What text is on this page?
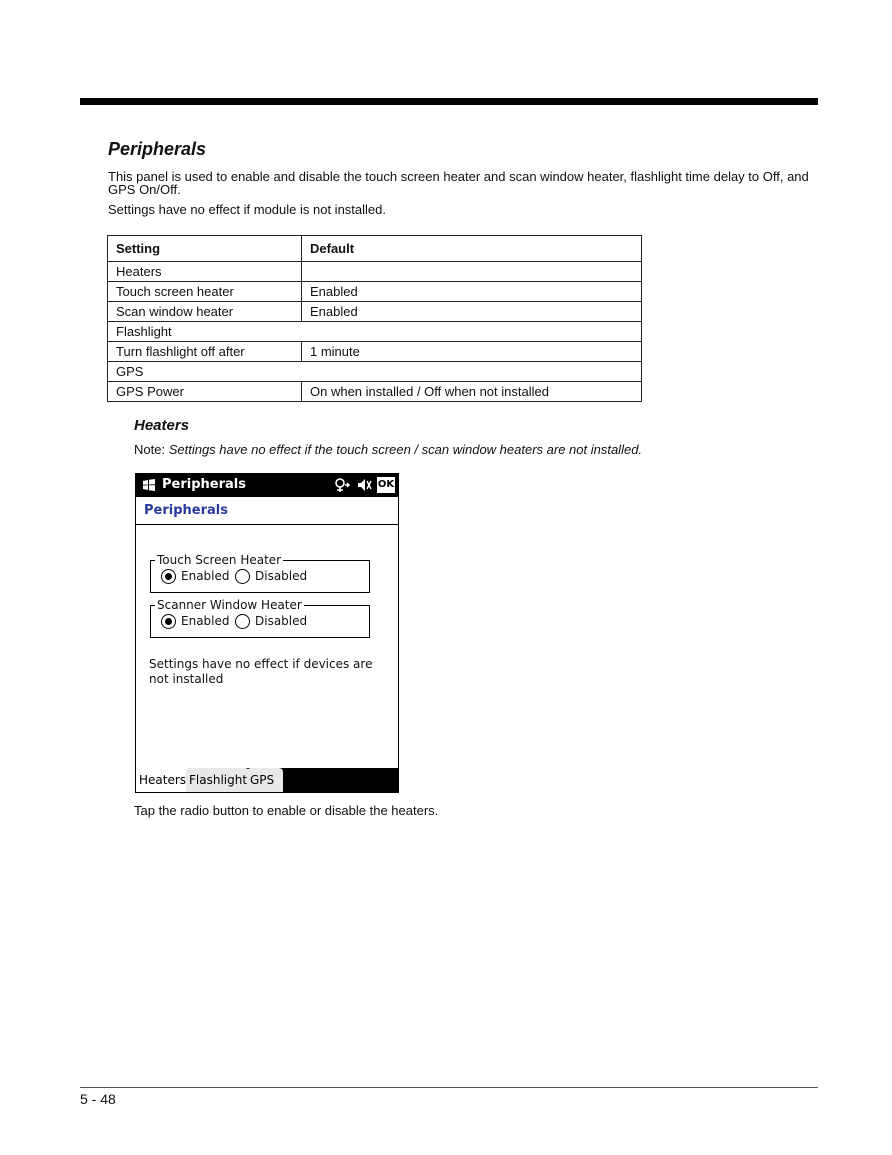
Peripherals

This panel is used to enable and disable the touch screen heater and scan window heater, flashlight time delay to Off, and GPS On/Off.

Settings have no effect if module is not installed.

Setting	Default
Heaters	
Touch screen heater	Enabled
Scan window heater	Enabled
Flashlight	
Turn flashlight off after	1 minute
GPS	
GPS Power	On when installed / Off when not installed
Heaters

Note: Settings have no effect if the touch screen / scan window heaters are not installed.

Peripherals	OK
Peripherals
Touch Screen Heater
Enabled Disabled
Scanner Window Heater
Enabled Disabled
Settings have no effect if devices are not installed
Heaters Flashlight GPS

Tap the radio button to enable or disable the heaters.

5 - 48
